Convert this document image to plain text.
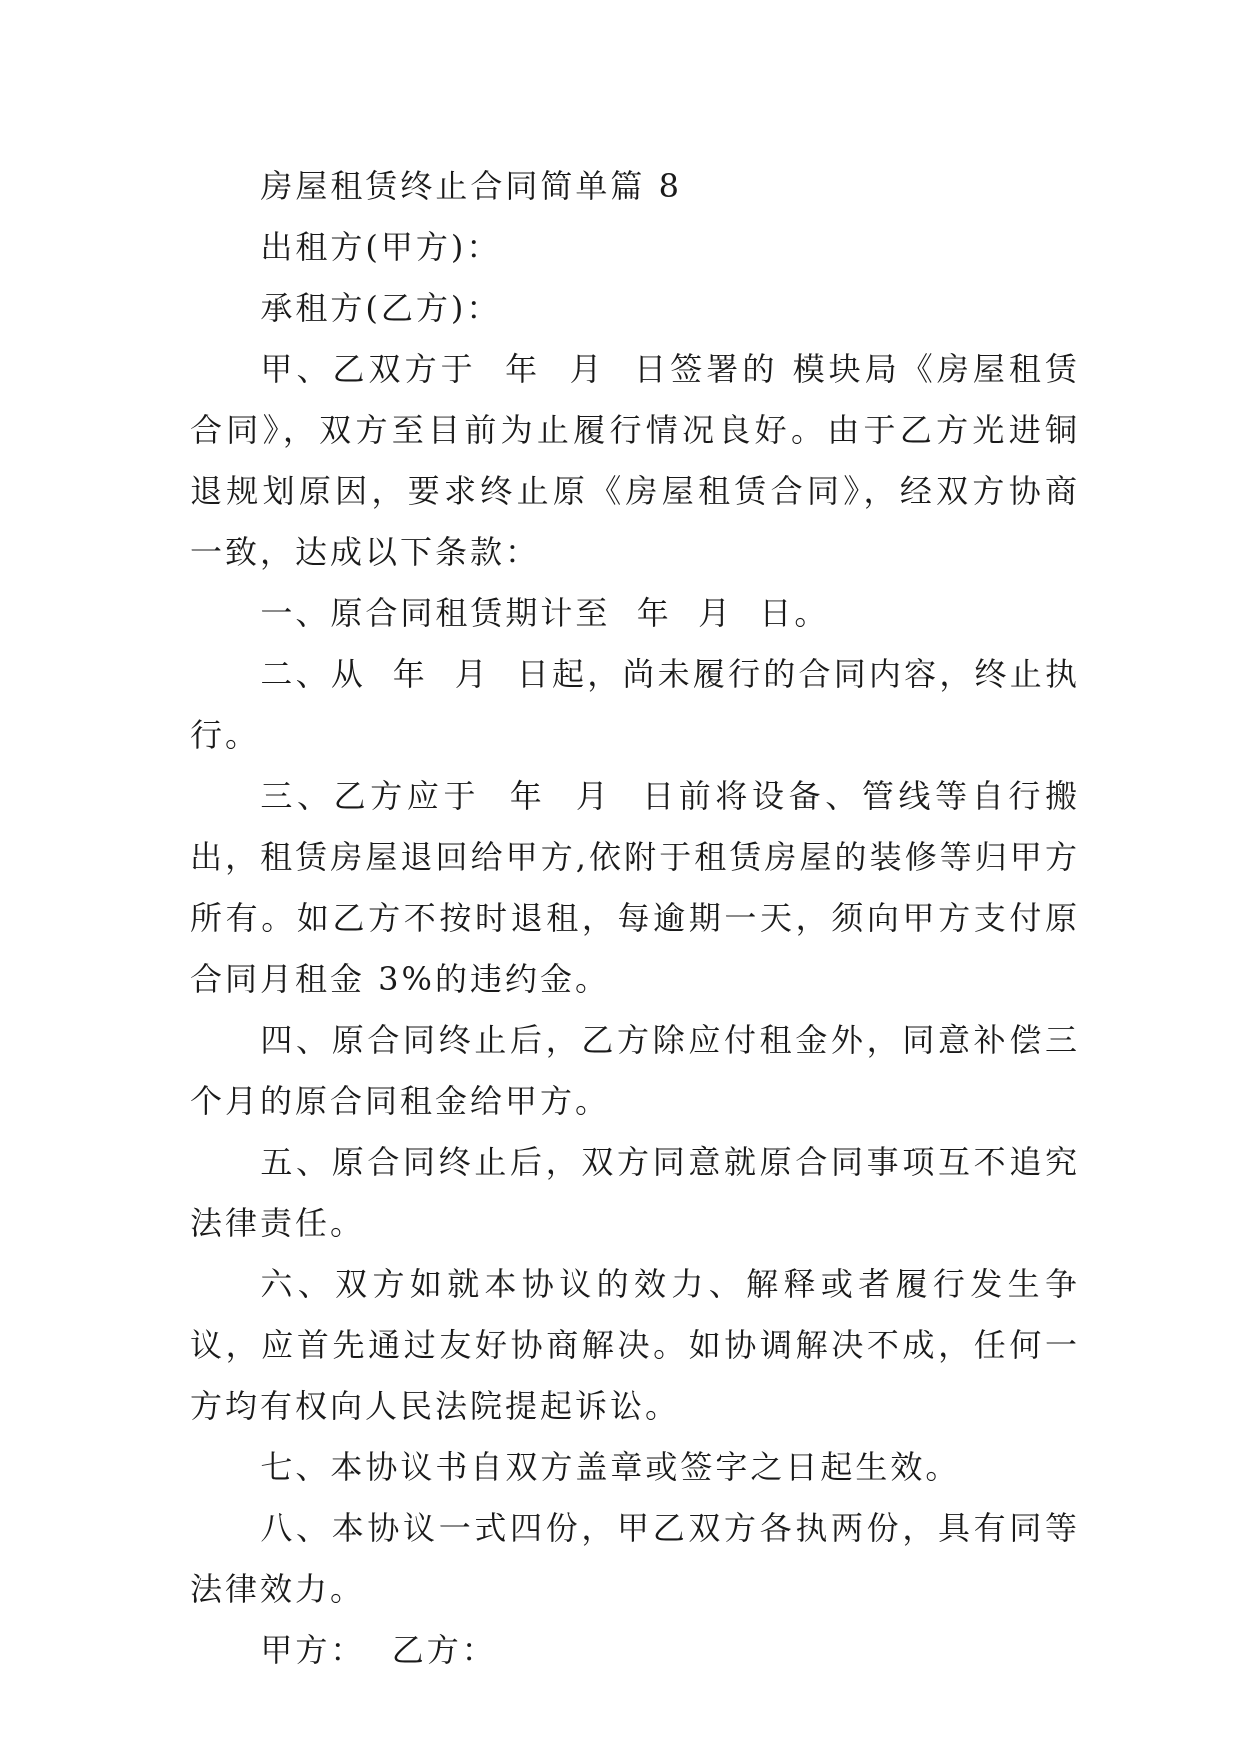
房屋租赁终止合同简单篇 8

出租方(甲方)：

承租方(乙方)：

甲、乙双方于  年  月  日签署的 模块局《房屋租赁合同》，双方至目前为止履行情况良好。由于乙方光进铜退规划原因，要求终止原《房屋租赁合同》，经双方协商一致，达成以下条款：

一、原合同租赁期计至  年  月  日。

二、从  年  月  日起，尚未履行的合同内容，终止执行。

三、乙方应于  年  月  日前将设备、管线等自行搬出，租赁房屋退回给甲方,依附于租赁房屋的装修等归甲方所有。如乙方不按时退租，每逾期一天，须向甲方支付原合同月租金 3%的违约金。

四、原合同终止后，乙方除应付租金外，同意补偿三个月的原合同租金给甲方。

五、原合同终止后，双方同意就原合同事项互不追究法律责任。

六、双方如就本协议的效力、解释或者履行发生争议，应首先通过友好协商解决。如协调解决不成，任何一方均有权向人民法院提起诉讼。

七、本协议书自双方盖章或签字之日起生效。

八、本协议一式四份，甲乙双方各执两份，具有同等法律效力。

甲方：  乙方：
